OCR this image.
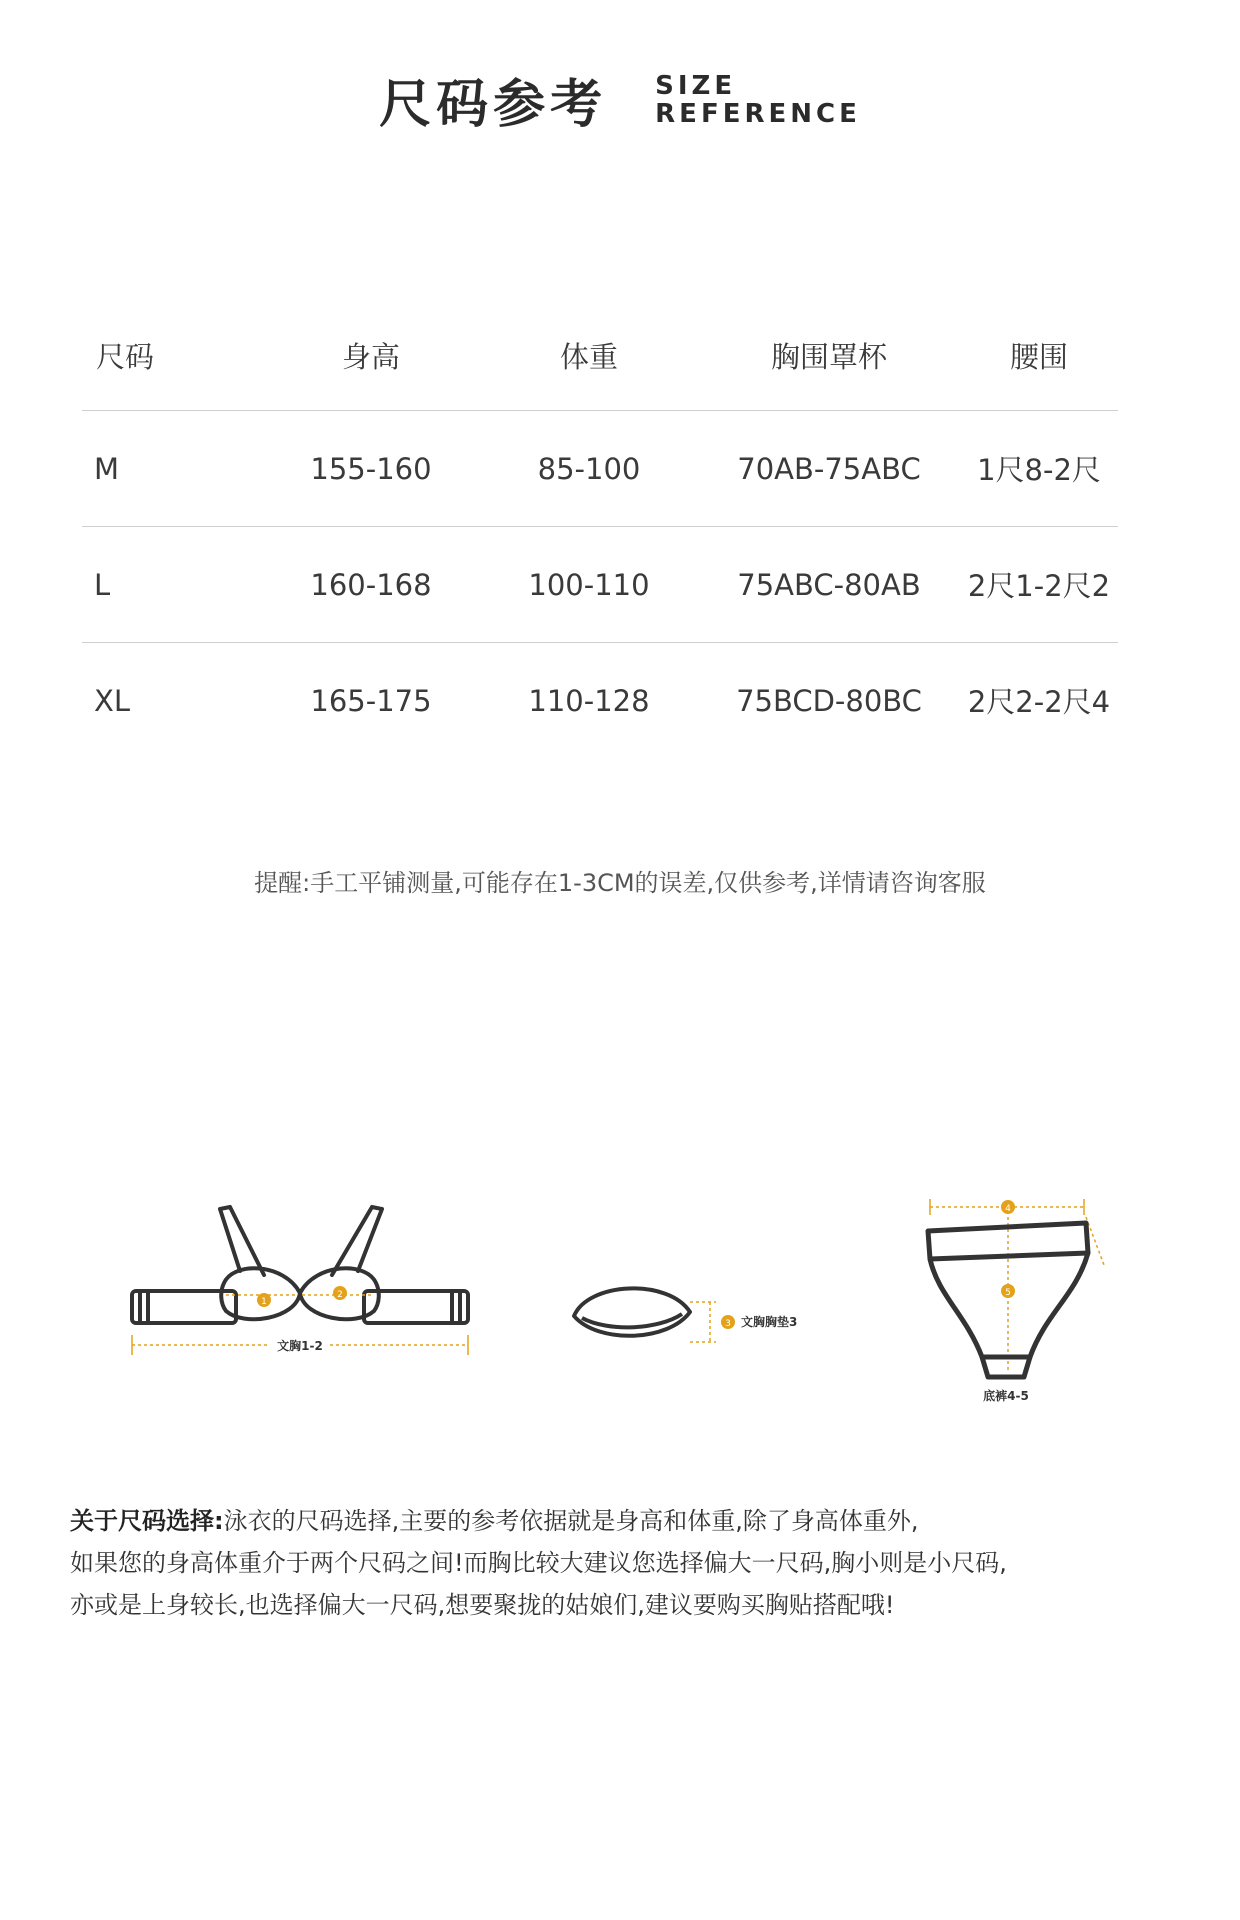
尺码参考 SIZE
REFERENCE
尺码	身高	体重	胸围罩杯	腰围
M	155-160	85-100	70AB-75ABC	1尺8-2尺
L	160-168	100-110	75ABC-80AB	2尺1-2尺2
XL	165-175	110-128	75BCD-80BC	2尺2-2尺4
提醒:手工平铺测量,可能存在1-3CM的误差,仅供参考,详情请咨询客服
1
2
文胸1-2
3 文胸胸垫3
4
5
底裤4-5
关于尺码选择:泳衣的尺码选择,主要的参考依据就是身高和体重,除了身高体重外,
如果您的身高体重介于两个尺码之间!而胸比较大建议您选择偏大一尺码,胸小则是小尺码,
亦或是上身较长,也选择偏大一尺码,想要聚拢的姑娘们,建议要购买胸贴搭配哦!
